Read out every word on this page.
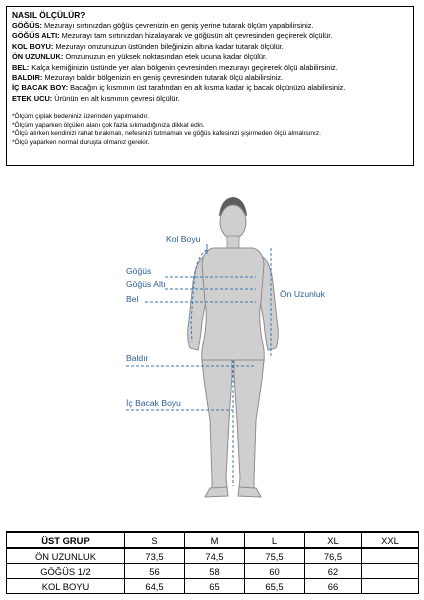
NASIL ÖLÇÜLÜR?
GÖĞÜS: Mezurayı sırtınızdan göğüs çevrenizin en geniş yerine tutarak ölçüm yapabilirsiniz.
GÖĞÜS ALTI: Mezurayı tam sırtınızdan hizalayarak ve göğüsün alt çevresinden geçirerek ölçülür.
KOL BOYU: Mezurayı omzunuzun üstünden bileğinizin altına kadar tutarak ölçülür.
ÖN UZUNLUK: Omzunuzun en yüksek noktasından etek ucuna kadar ölçülür.
BEL: Kalça kemiğinizin üstünde yer alan bölgenin çevresinden mezurayı geçirerek ölçü alabilirsiniz.
BALDIR: Mezurayı baldır bölgenizin en geniş çevresinden tutarak ölçü alabilirsiniz.
İÇ BACAK BOY: Bacağın iç kısmının üst tarafından en alt kısma kadar iç bacak ölçünüzü alabilirsiniz.
ETEK UCU: Ürünün en alt kısmının çevresi ölçülür.
*Ölçüm çıplak bedeniniz üzerinden yapılmalıdır.
*Ölçüm yaparken ölçülen alanı çok fazla sıkmadığınıza dikkat edin.
*Ölçü alırken kendinizi rahat bırakmalı, nefesinizi tutmamalı ve göğüs kafesinizi şişirmeden ölçü almalısınız.
*Ölçü yaparken normal duruşta olmanız gerekir.
Kol Boyu
Göğüs
Göğüs Altı
Bel	Ön Uzunluk
Baldır
İç Bacak Boyu
ÜST GRUP	S	M	L	XL	XXL
ÖN UZUNLUK	73,5	74,5	75,5	76,5	
GÖĞÜS 1/2	56	58	60	62	
KOL BOYU	64,5	65	65,5	66	
